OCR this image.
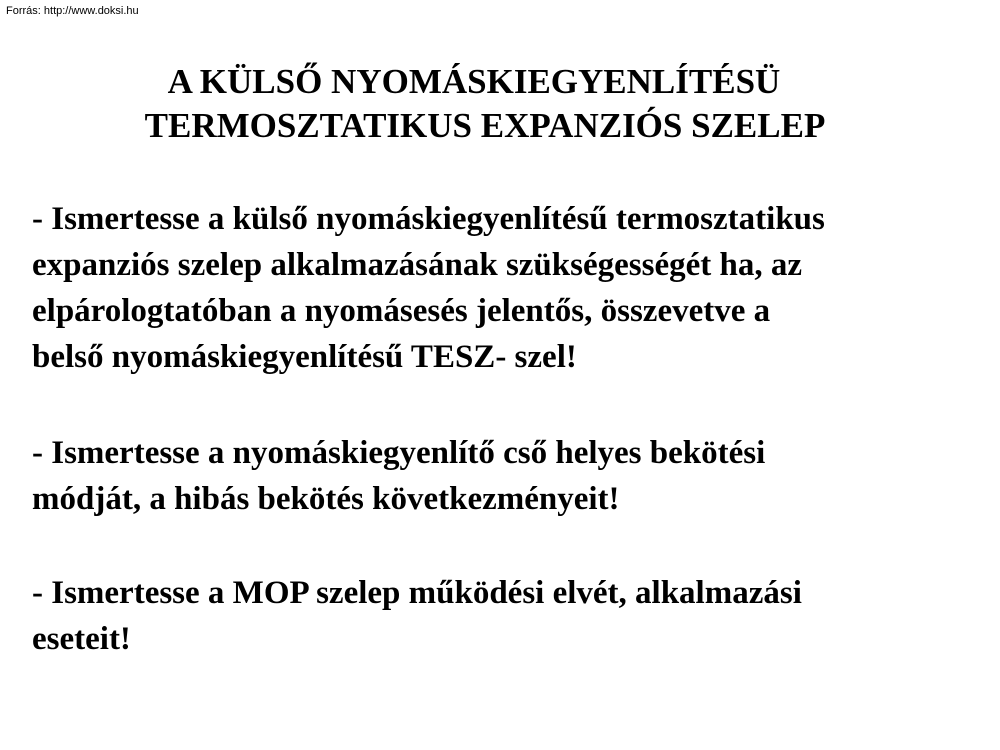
Forrás: http://www.doksi.hu
A KÜLSŐ NYOMÁSKIEGYENLÍTÉSÜ
TERMOSZTATIKUS EXPANZIÓS SZELEP
- Ismertesse a külső nyomáskiegyenlítésű termosztatikus
expanziós szelep alkalmazásának szükségességét ha, az
elpárologtatóban a nyomásesés jelentős, összevetve a
belső nyomáskiegyenlítésű TESZ- szel!
- Ismertesse a nyomáskiegyenlítő cső helyes bekötési
módját, a hibás bekötés következményeit!
- Ismertesse a MOP szelep működési elvét, alkalmazási
eseteit!
